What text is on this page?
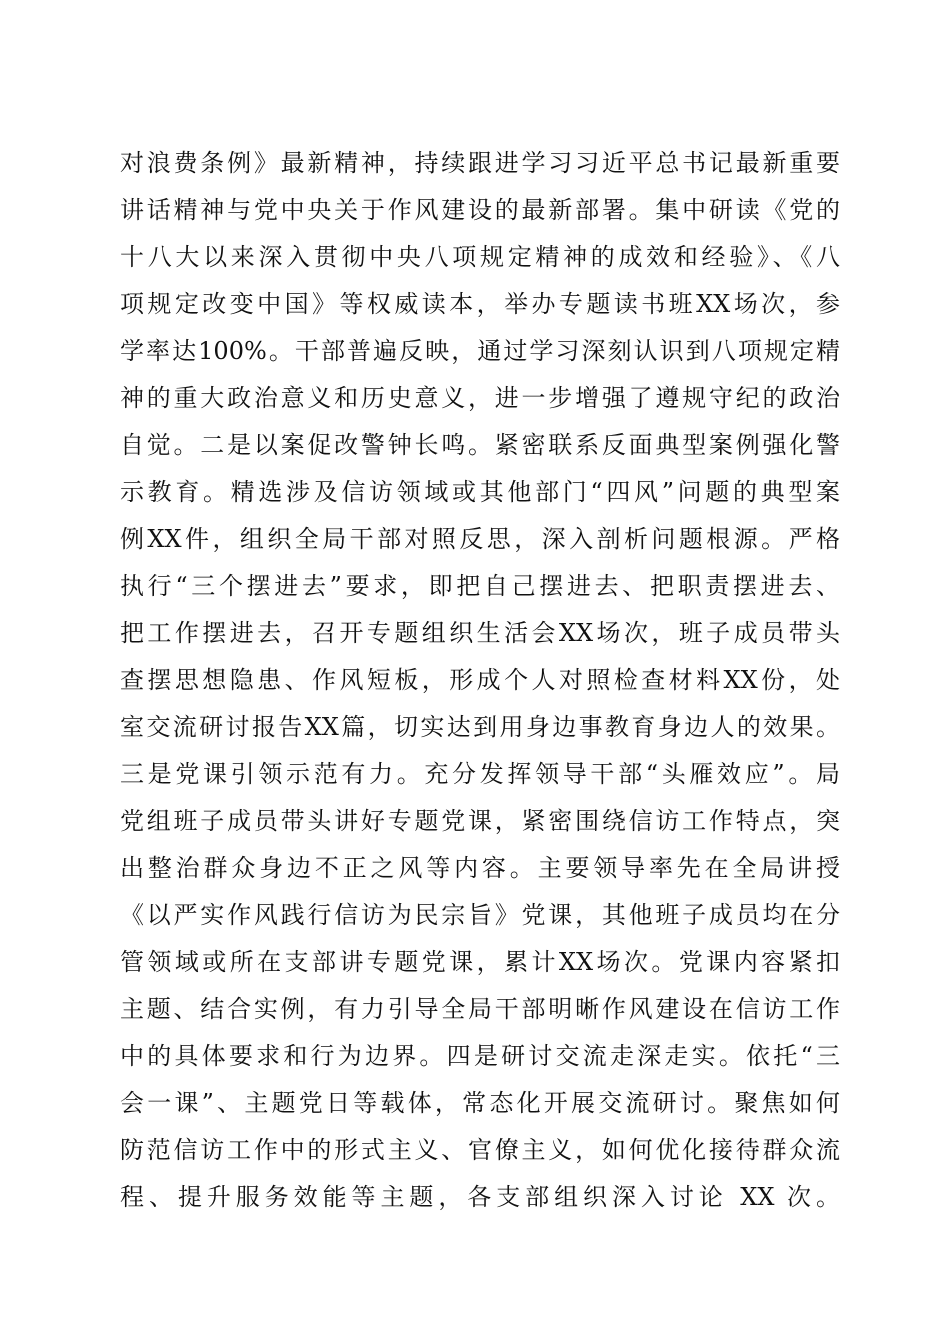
对浪费条例》最新精神，持续跟进学习习近平总书记最新重要
讲话精神与党中央关于作风建设的最新部署。集中研读《党的
十八大以来深入贯彻中央八项规定精神的成效和经验》、《八
项规定改变中国》等权威读本，举办专题读书班XX场次，参
学率达100%。干部普遍反映，通过学习深刻认识到八项规定精
神的重大政治意义和历史意义，进一步增强了遵规守纪的政治
自觉。二是以案促改警钟长鸣。紧密联系反面典型案例强化警
示教育。精选涉及信访领域或其他部门“四风”问题的典型案
例XX件，组织全局干部对照反思，深入剖析问题根源。严格
执行“三个摆进去”要求，即把自己摆进去、把职责摆进去、
把工作摆进去，召开专题组织生活会XX场次，班子成员带头
查摆思想隐患、作风短板，形成个人对照检查材料XX份，处
室交流研讨报告XX篇，切实达到用身边事教育身边人的效果。
三是党课引领示范有力。充分发挥领导干部“头雁效应”。局
党组班子成员带头讲好专题党课，紧密围绕信访工作特点，突
出整治群众身边不正之风等内容。主要领导率先在全局讲授
《以严实作风践行信访为民宗旨》党课，其他班子成员均在分
管领域或所在支部讲专题党课，累计XX场次。党课内容紧扣
主题、结合实例，有力引导全局干部明晰作风建设在信访工作
中的具体要求和行为边界。四是研讨交流走深走实。依托“三
会一课”、主题党日等载体，常态化开展交流研讨。聚焦如何
防范信访工作中的形式主义、官僚主义，如何优化接待群众流
程、提升服务效能等主题，各支部组织深入讨论 XX 次。
